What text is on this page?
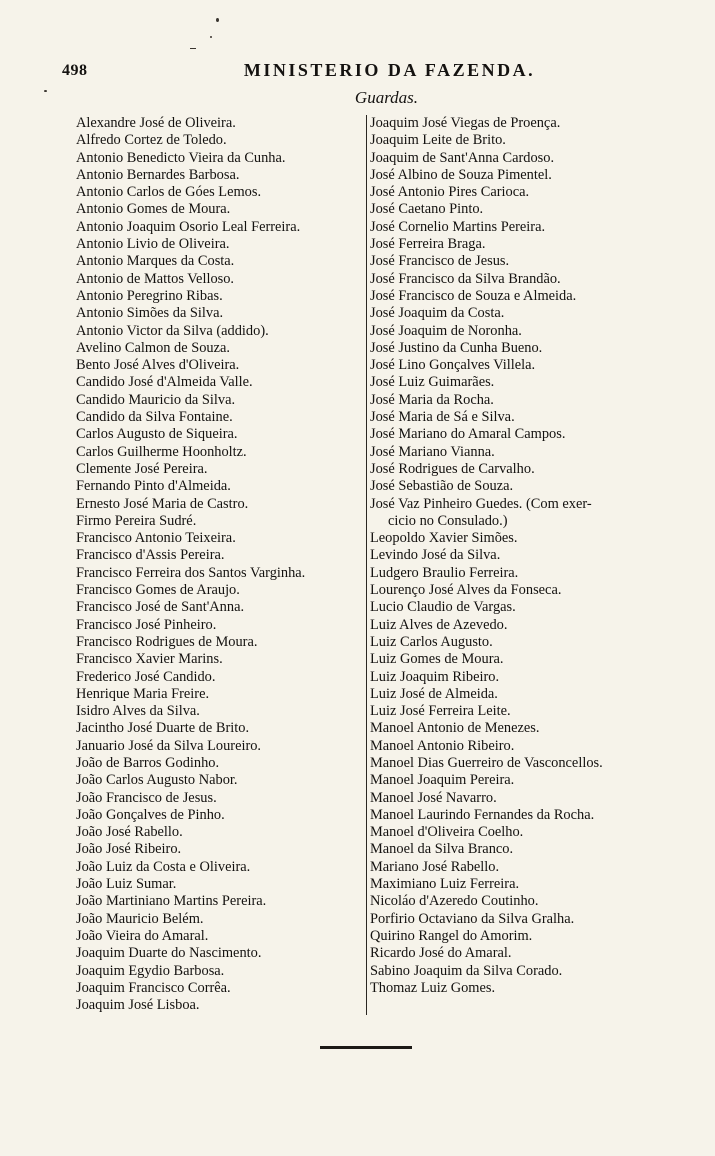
498	MINISTERIO DA FAZENDA.
Guardas.
Alexandre José de Oliveira.
Alfredo Cortez de Toledo.
Antonio Benedicto Vieira da Cunha.
Antonio Bernardes Barbosa.
Antonio Carlos de Góes Lemos.
Antonio Gomes de Moura.
Antonio Joaquim Osorio Leal Ferreira.
Antonio Livio de Oliveira.
Antonio Marques da Costa.
Antonio de Mattos Velloso.
Antonio Peregrino Ribas.
Antonio Simões da Silva.
Antonio Victor da Silva (addido).
Avelino Calmon de Souza.
Bento José Alves d'Oliveira.
Candido José d'Almeida Valle.
Candido Mauricio da Silva.
Candido da Silva Fontaine.
Carlos Augusto de Siqueira.
Carlos Guilherme Hoonholtz.
Clemente José Pereira.
Fernando Pinto d'Almeida.
Ernesto José Maria de Castro.
Firmo Pereira Sudré.
Francisco Antonio Teixeira.
Francisco d'Assis Pereira.
Francisco Ferreira dos Santos Varginha.
Francisco Gomes de Araujo.
Francisco José de Sant'Anna.
Francisco José Pinheiro.
Francisco Rodrigues de Moura.
Francisco Xavier Marins.
Frederico José Candido.
Henrique Maria Freire.
Isidro Alves da Silva.
Jacintho José Duarte de Brito.
Januario José da Silva Loureiro.
João de Barros Godinho.
João Carlos Augusto Nabor.
João Francisco de Jesus.
João Gonçalves de Pinho.
João José Rabello.
João José Ribeiro.
João Luiz da Costa e Oliveira.
João Luiz Sumar.
João Martiniano Martins Pereira.
João Mauricio Belém.
João Vieira do Amaral.
Joaquim Duarte do Nascimento.
Joaquim Egydio Barbosa.
Joaquim Francisco Corrêa.
Joaquim José Lisboa.
Joaquim José Viegas de Proença.
Joaquim Leite de Brito.
Joaquim de Sant'Anna Cardoso.
José Albino de Souza Pimentel.
José Antonio Pires Carioca.
José Caetano Pinto.
José Cornelio Martins Pereira.
José Ferreira Braga.
José Francisco de Jesus.
José Francisco da Silva Brandão.
José Francisco de Souza e Almeida.
José Joaquim da Costa.
José Joaquim de Noronha.
José Justino da Cunha Bueno.
José Lino Gonçalves Villela.
José Luiz Guimarães.
José Maria da Rocha.
José Maria de Sá e Silva.
José Mariano do Amaral Campos.
José Mariano Vianna.
José Rodrigues de Carvalho.
José Sebastião de Souza.
José Vaz Pinheiro Guedes. (Com exer-
cicio no Consulado.)
Leopoldo Xavier Simões.
Levindo José da Silva.
Ludgero Braulio Ferreira.
Lourenço José Alves da Fonseca.
Lucio Claudio de Vargas.
Luiz Alves de Azevedo.
Luiz Carlos Augusto.
Luiz Gomes de Moura.
Luiz Joaquim Ribeiro.
Luiz José de Almeida.
Luiz José Ferreira Leite.
Manoel Antonio de Menezes.
Manoel Antonio Ribeiro.
Manoel Dias Guerreiro de Vasconcellos.
Manoel Joaquim Pereira.
Manoel José Navarro.
Manoel Laurindo Fernandes da Rocha.
Manoel d'Oliveira Coelho.
Manoel da Silva Branco.
Mariano José Rabello.
Maximiano Luiz Ferreira.
Nicoláo d'Azeredo Coutinho.
Porfirio Octaviano da Silva Gralha.
Quirino Rangel do Amorim.
Ricardo José do Amaral.
Sabino Joaquim da Silva Corado.
Thomaz Luiz Gomes.
